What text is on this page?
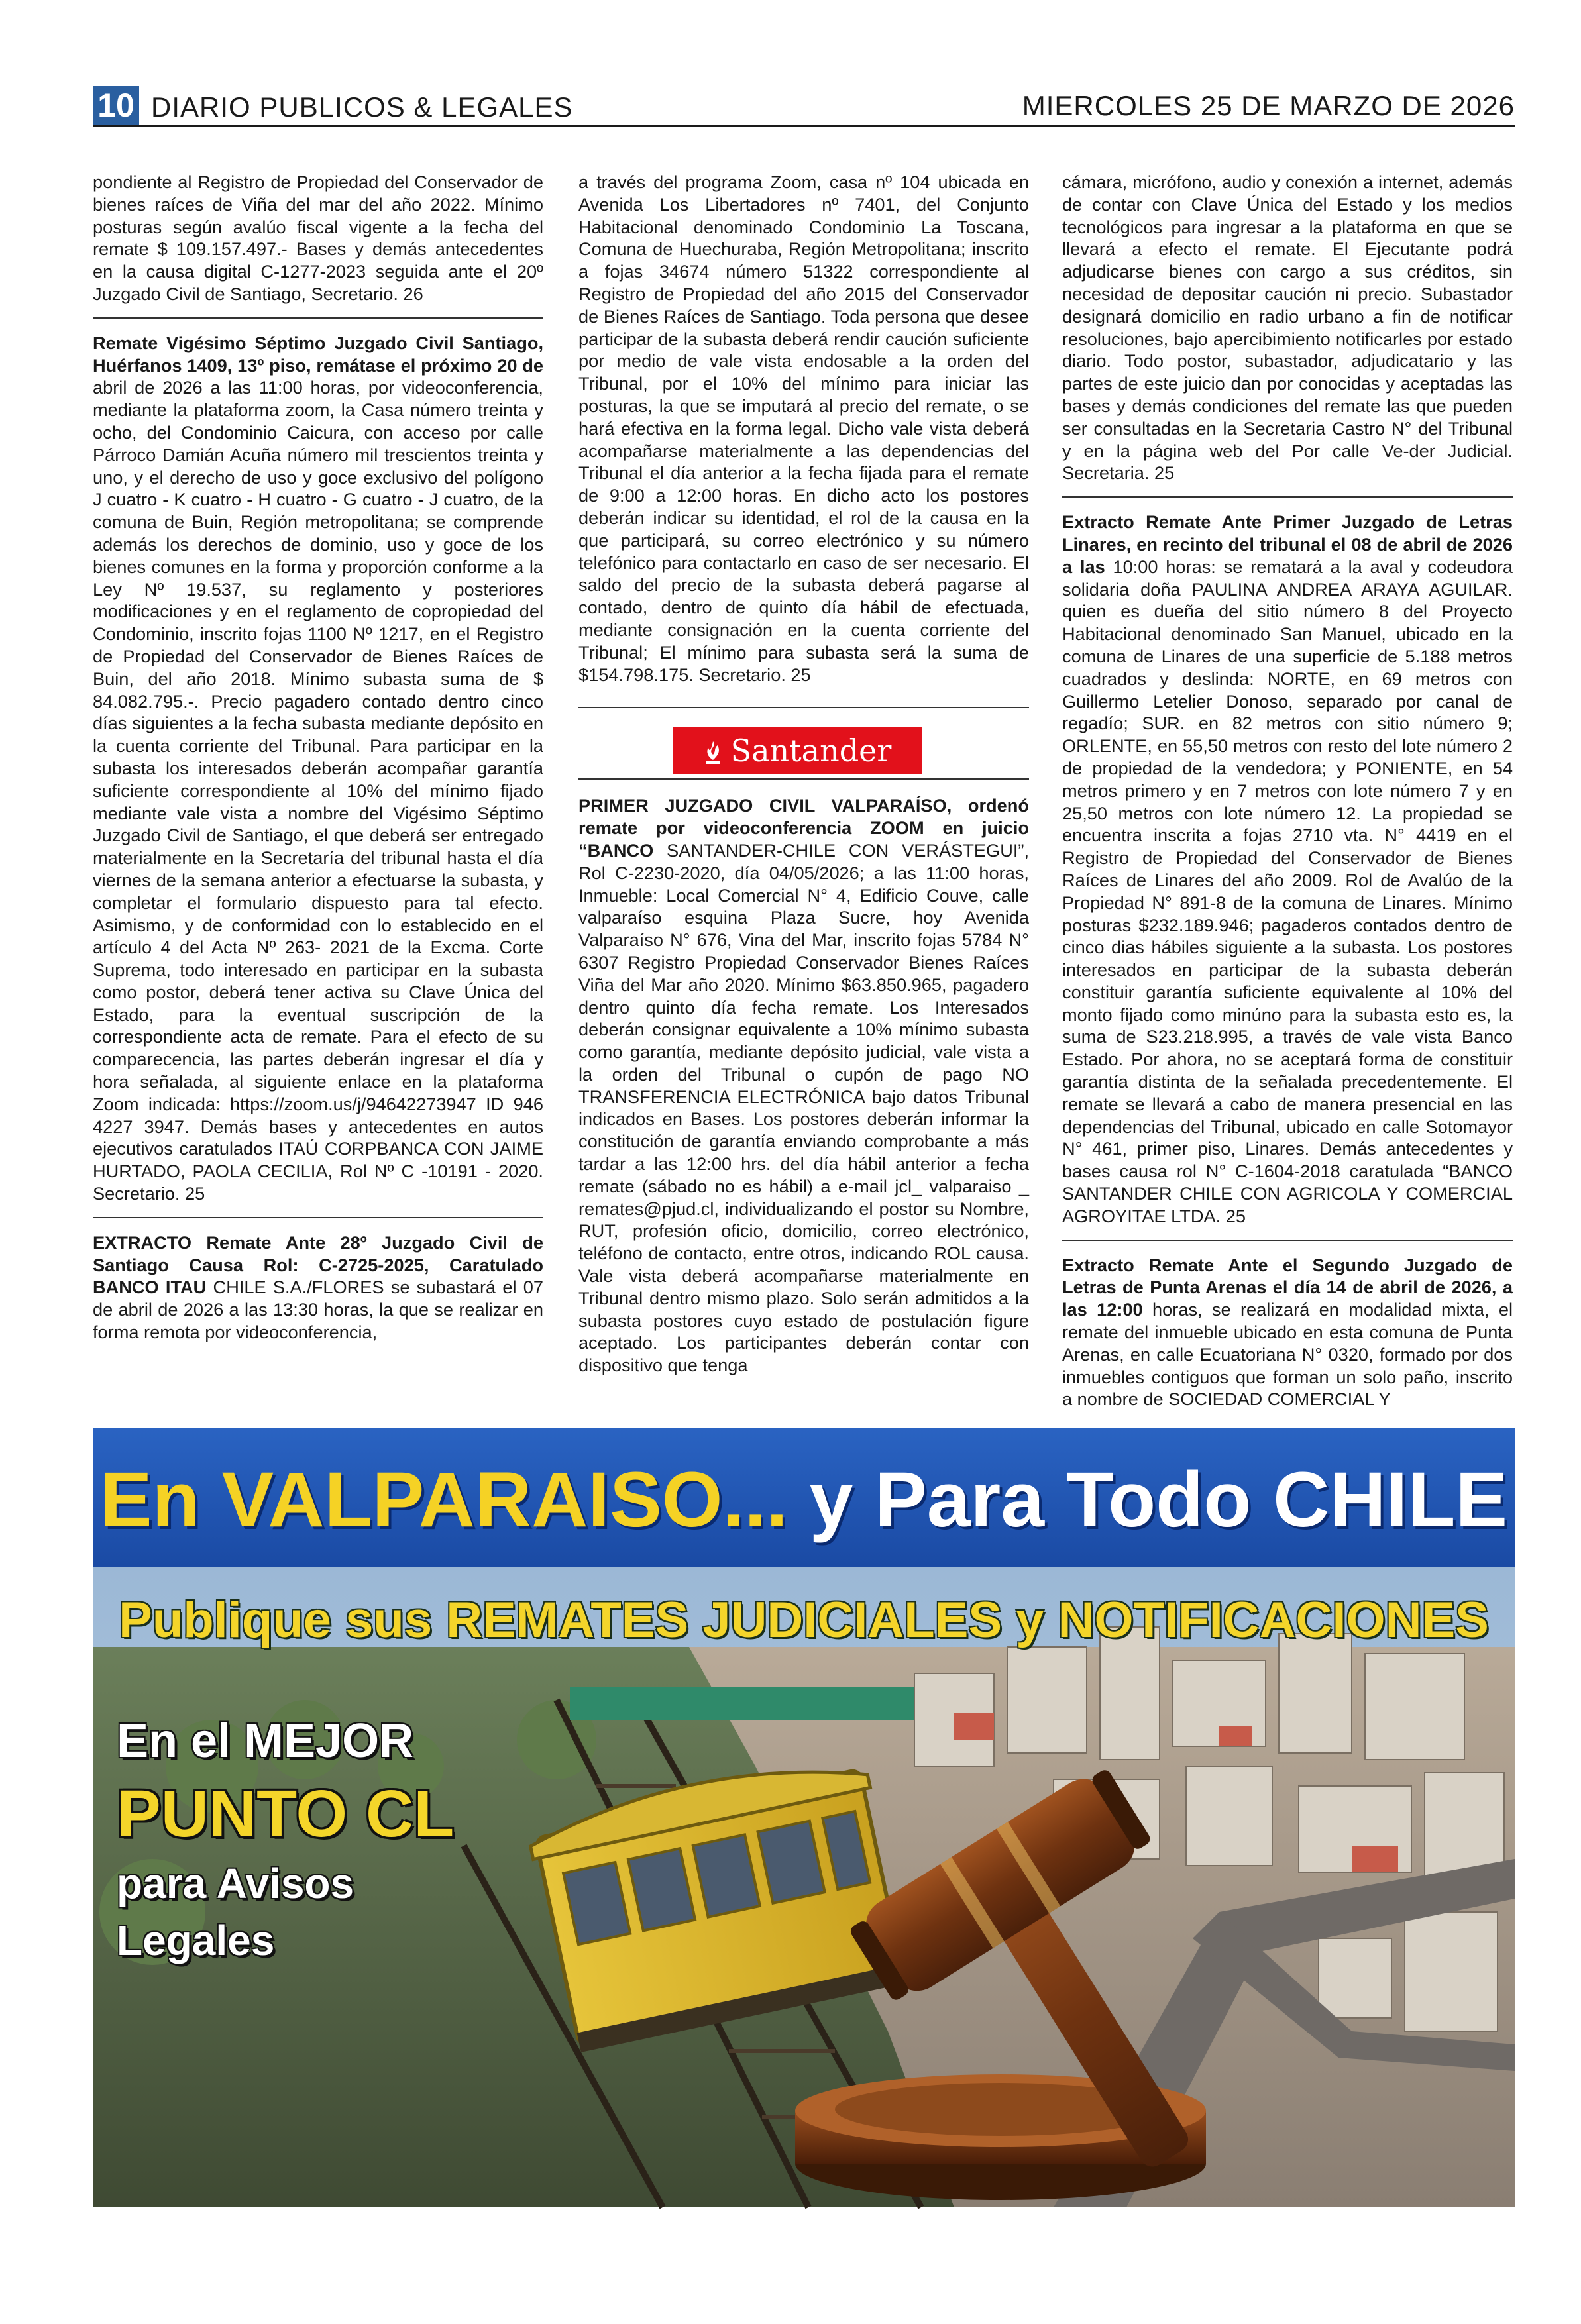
10 DIARIO PUBLICOS & LEGALES	MIERCOLES 25 DE MARZO DE 2026

pondiente al Registro de Propiedad del Conservador de bienes raíces de Viña del mar del año 2022. Mínimo posturas según avalúo fiscal vigente a la fecha del remate $ 109.157.497.- Bases y demás antecedentes en la causa digital C-1277-2023 seguida ante el 20º Juzgado Civil de Santiago, Secretario. 26

Remate Vigésimo Séptimo Juzgado Civil Santiago, Huérfanos 1409, 13º piso, remátase el próximo 20 de abril de 2026 a las 11:00 horas, por videoconferencia, mediante la plataforma zoom, la Casa número treinta y ocho, del Condominio Caicura, con acceso por calle Párroco Damián Acuña número mil trescientos treinta y uno, y el derecho de uso y goce exclusivo del polígono J cuatro - K cuatro - H cuatro - G cuatro - J cuatro, de la comuna de Buin, Región metropolitana; se comprende además los derechos de dominio, uso y goce de los bienes comunes en la forma y proporción conforme a la Ley Nº 19.537, su reglamento y posteriores modificaciones y en el reglamento de copropiedad del Condominio, inscrito fojas 1100 Nº 1217, en el Registro de Propiedad del Conservador de Bienes Raíces de Buin, del año 2018. Mínimo subasta suma de $ 84.082.795.-. Precio pagadero contado dentro cinco días siguientes a la fecha subasta mediante depósito en la cuenta corriente del Tribunal. Para participar en la subasta los interesados deberán acompañar garantía suficiente correspondiente al 10% del mínimo fijado mediante vale vista a nombre del Vigésimo Séptimo Juzgado Civil de Santiago, el que deberá ser entregado materialmente en la Secretaría del tribunal hasta el día viernes de la semana anterior a efectuarse la subasta, y completar el formulario dispuesto para tal efecto. Asimismo, y de conformidad con lo establecido en el artículo 4 del Acta Nº 263- 2021 de la Excma. Corte Suprema, todo interesado en participar en la subasta como postor, deberá tener activa su Clave Única del Estado, para la eventual suscripción de la correspondiente acta de remate. Para el efecto de su comparecencia, las partes deberán ingresar el día y hora señalada, al siguiente enlace en la plataforma Zoom indicada: https://zoom.us/j/94642273947 ID 946 4227 3947. Demás bases y antecedentes en autos ejecutivos caratulados ITAÚ CORPBANCA CON JAIME HURTADO, PAOLA CECILIA, Rol Nº C -10191 - 2020. Secretario. 25

EXTRACTO Remate Ante 28º Juzgado Civil de Santiago Causa Rol: C-2725-2025, Caratulado BANCO ITAU CHILE S.A./FLORES se subastará el 07 de abril de 2026 a las 13:30 horas, la que se realizar en forma remota por videoconferencia,

a través del programa Zoom, casa nº 104 ubicada en Avenida Los Libertadores nº 7401, del Conjunto Habitacional denominado Condominio La Toscana, Comuna de Huechuraba, Región Metropolitana; inscrito a fojas 34674 número 51322 correspondiente al Registro de Propiedad del año 2015 del Conservador de Bienes Raíces de Santiago. Toda persona que desee participar de la subasta deberá rendir caución suficiente por medio de vale vista endosable a la orden del Tribunal, por el 10% del mínimo para iniciar las posturas, la que se imputará al precio del remate, o se hará efectiva en la forma legal. Dicho vale vista deberá acompañarse materialmente a las dependencias del Tribunal el día anterior a la fecha fijada para el remate de 9:00 a 12:00 horas. En dicho acto los postores deberán indicar su identidad, el rol de la causa en la que participará, su correo electrónico y su número telefónico para contactarlo en caso de ser necesario. El saldo del precio de la subasta deberá pagarse al contado, dentro de quinto día hábil de efectuada, mediante consignación en la cuenta corriente del Tribunal; El mínimo para subasta será la suma de $154.798.175. Secretario. 25

Santander

PRIMER JUZGADO CIVIL VALPARAÍSO, ordenó remate por videoconferencia ZOOM en juicio “BANCO SANTANDER-CHILE CON VERÁSTEGUI”, Rol C-2230-2020, día 04/05/2026; a las 11:00 horas, Inmueble: Local Comercial N° 4, Edificio Couve, calle valparaíso esquina Plaza Sucre, hoy Avenida Valparaíso N° 676, Vina del Mar, inscrito fojas 5784 N° 6307 Registro Propiedad Conservador Bienes Raíces Viña del Mar año 2020. Mínimo $63.850.965, pagadero dentro quinto día fecha remate. Los Interesados deberán consignar equivalente a 10% mínimo subasta como garantía, mediante depósito judicial, vale vista a la orden del Tribunal o cupón de pago NO TRANSFERENCIA ELECTRÓNICA bajo datos Tribunal indicados en Bases. Los postores deberán informar la constitución de garantía enviando comprobante a más tardar a las 12:00 hrs. del día hábil anterior a fecha remate (sábado no es hábil) a e-mail jcl_ valparaiso _ remates@pjud.cl, individualizando el postor su Nombre, RUT, profesión oficio, domicilio, correo electrónico, teléfono de contacto, entre otros, indicando ROL causa. Vale vista deberá acompañarse materialmente en Tribunal dentro mismo plazo. Solo serán admitidos a la subasta postores cuyo estado de postulación figure aceptado. Los participantes deberán contar con dispositivo que tenga

cámara, micrófono, audio y conexión a internet, además de contar con Clave Única del Estado y los medios tecnológicos para ingresar a la plataforma en que se llevará a efecto el remate. El Ejecutante podrá adjudicarse bienes con cargo a sus créditos, sin necesidad de depositar caución ni precio. Subastador designará domicilio en radio urbano a fin de notificar resoluciones, bajo apercibimiento notificarles por estado diario. Todo postor, subastador, adjudicatario y las partes de este juicio dan por conocidas y aceptadas las bases y demás condiciones del remate las que pueden ser consultadas en la Secretaria Castro N° del Tribunal y en la página web del Por calle Ve-der Judicial. Secretaria. 25

Extracto Remate Ante Primer Juzgado de Letras Linares, en recinto del tribunal el 08 de abril de 2026 a las 10:00 horas: se rematará a la aval y codeudora solidaria doña PAULINA ANDREA ARAYA AGUILAR. quien es dueña del sitio número 8 del Proyecto Habitacional denominado San Manuel, ubicado en la comuna de Linares de una superficie de 5.188 metros cuadrados y deslinda: NORTE, en 69 metros con Guillermo Letelier Donoso, separado por canal de regadío; SUR. en 82 metros con sitio número 9; ORLENTE, en 55,50 metros con resto del lote número 2 de propiedad de la vendedora; y PONIENTE, en 54 metros primero y en 7 metros con lote número 7 y en 25,50 metros con lote número 12. La propiedad se encuentra inscrita a fojas 2710 vta. N° 4419 en el Registro de Propiedad del Conservador de Bienes Raíces de Linares del año 2009. Rol de Avalúo de la Propiedad N° 891-8 de la comuna de Linares. Mínimo posturas $232.189.946; pagaderos contados dentro de cinco dias hábiles siguiente a la subasta. Los postores interesados en participar de la subasta deberán constituir garantía suficiente equivalente al 10% del monto fijado como minúno para la subasta esto es, la suma de S23.218.995, a través de vale vista Banco Estado. Por ahora, no se aceptará forma de constituir garantía distinta de la señalada precedentemente. El remate se llevará a cabo de manera presencial en las dependencias del Tribunal, ubicado en calle Sotomayor N° 461, primer piso, Linares. Demás antecedentes y bases causa rol N° C-1604-2018 caratulada “BANCO SANTANDER CHILE CON AGRICOLA Y COMERCIAL AGROYITAE LTDA. 25

Extracto Remate Ante el Segundo Juzgado de Letras de Punta Arenas el día 14 de abril de 2026, a las 12:00 horas, se realizará en modalidad mixta, el remate del inmueble ubicado en esta comuna de Punta Arenas, en calle Ecuatoriana N° 0320, formado por dos inmuebles contiguos que forman un solo paño, inscrito a nombre de SOCIEDAD COMERCIAL Y

En VALPARAISO... y Para Todo CHILE
Publique sus REMATES JUDICIALES y NOTIFICACIONES
En el MEJOR
PUNTO CL
para Avisos
Legales
